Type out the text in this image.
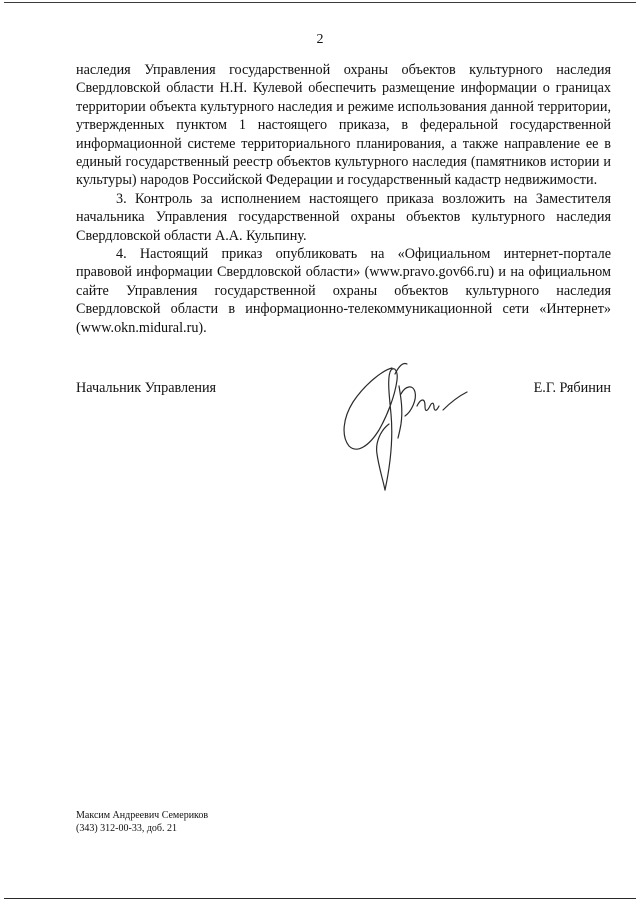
2

наследия Управления государственной охраны объектов культурного наследия Свердловской области Н.Н. Кулевой обеспечить размещение информации о границах территории объекта культурного наследия и режиме использования данной территории, утвержденных пунктом 1 настоящего приказа, в федеральной государственной информационной системе территориального планирования, а также направление ее в единый государственный реестр объектов культурного наследия (памятников истории и культуры) народов Российской Федерации и государственный кадастр недвижимости.

3. Контроль за исполнением настоящего приказа возложить на Заместителя начальника Управления государственной охраны объектов культурного наследия Свердловской области А.А. Кульпину.

4. Настоящий приказ опубликовать на «Официальном интернет-портале правовой информации Свердловской области» (www.pravo.gov66.ru) и на официальном сайте Управления государственной охраны объектов культурного наследия Свердловской области в информационно-телекоммуникационной сети «Интернет» (www.okn.midural.ru).

Начальник Управления	Е.Г. Рябинин
Максим Андреевич Семериков
(343) 312-00-33, доб. 21
